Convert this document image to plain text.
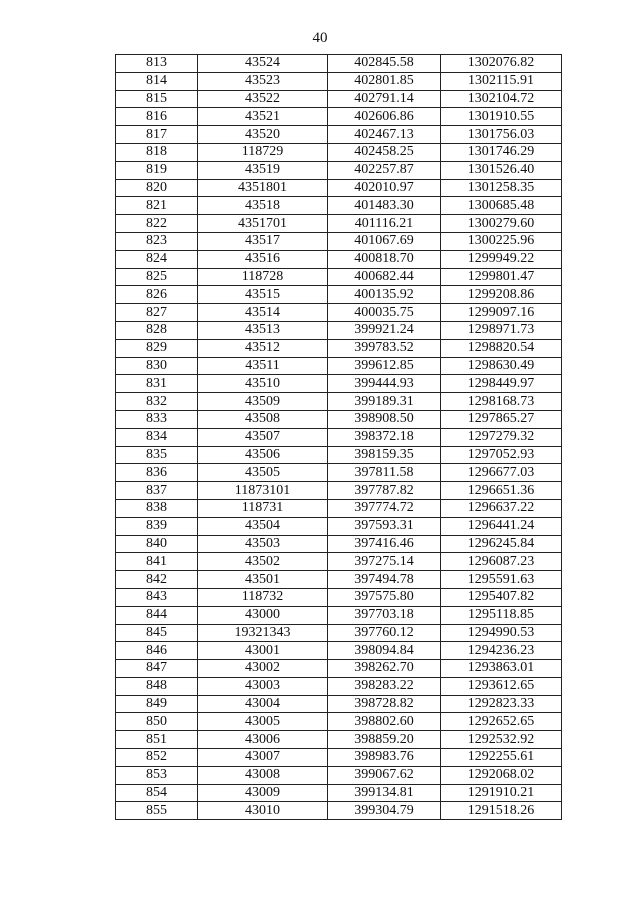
40
813	43524	402845.58	1302076.82
814	43523	402801.85	1302115.91
815	43522	402791.14	1302104.72
816	43521	402606.86	1301910.55
817	43520	402467.13	1301756.03
818	118729	402458.25	1301746.29
819	43519	402257.87	1301526.40
820	4351801	402010.97	1301258.35
821	43518	401483.30	1300685.48
822	4351701	401116.21	1300279.60
823	43517	401067.69	1300225.96
824	43516	400818.70	1299949.22
825	118728	400682.44	1299801.47
826	43515	400135.92	1299208.86
827	43514	400035.75	1299097.16
828	43513	399921.24	1298971.73
829	43512	399783.52	1298820.54
830	43511	399612.85	1298630.49
831	43510	399444.93	1298449.97
832	43509	399189.31	1298168.73
833	43508	398908.50	1297865.27
834	43507	398372.18	1297279.32
835	43506	398159.35	1297052.93
836	43505	397811.58	1296677.03
837	11873101	397787.82	1296651.36
838	118731	397774.72	1296637.22
839	43504	397593.31	1296441.24
840	43503	397416.46	1296245.84
841	43502	397275.14	1296087.23
842	43501	397494.78	1295591.63
843	118732	397575.80	1295407.82
844	43000	397703.18	1295118.85
845	19321343	397760.12	1294990.53
846	43001	398094.84	1294236.23
847	43002	398262.70	1293863.01
848	43003	398283.22	1293612.65
849	43004	398728.82	1292823.33
850	43005	398802.60	1292652.65
851	43006	398859.20	1292532.92
852	43007	398983.76	1292255.61
853	43008	399067.62	1292068.02
854	43009	399134.81	1291910.21
855	43010	399304.79	1291518.26
